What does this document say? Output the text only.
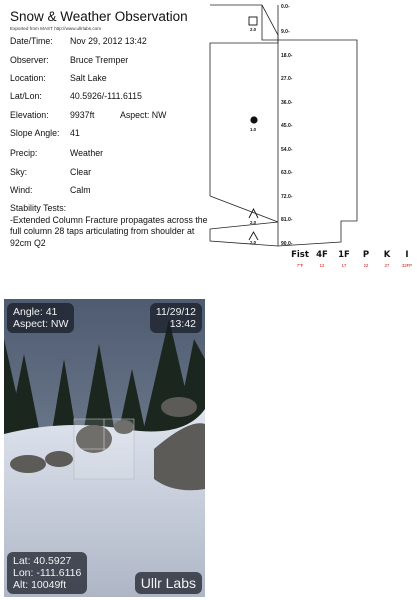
Snow & Weather Observation
Exported from MAST http://www.ullrlabs.com
Date/Time: Nov 29, 2012 13:42
Observer: Bruce Tremper
Location:	Salt Lake
Lat/Lon:	40.5926/-111.6115
Elevation: 9937ft	Aspect: NW
Slope Angle: 41
Precip:	Weather
Sky:	Clear
Wind:	Calm
Stability Tests:
-Extended Column Fracture propagates across the full column 28 taps articulating from shoulder at 92cm Q2
2.0
1.0
2.0
2.0
0.0-
9.0-
18.0-
27.0-
36.0-
45.0-
54.0-
63.0-
72.0-
81.0-
90.0-
Fist
7"F
4F
12
1F
17
P
22
K
27
I
32FP
Angle: 41
Aspect: NW
11/29/12
13:42
Lat: 40.5927
Lon: -111.6116
Alt: 10049ft	Ullr Labs
